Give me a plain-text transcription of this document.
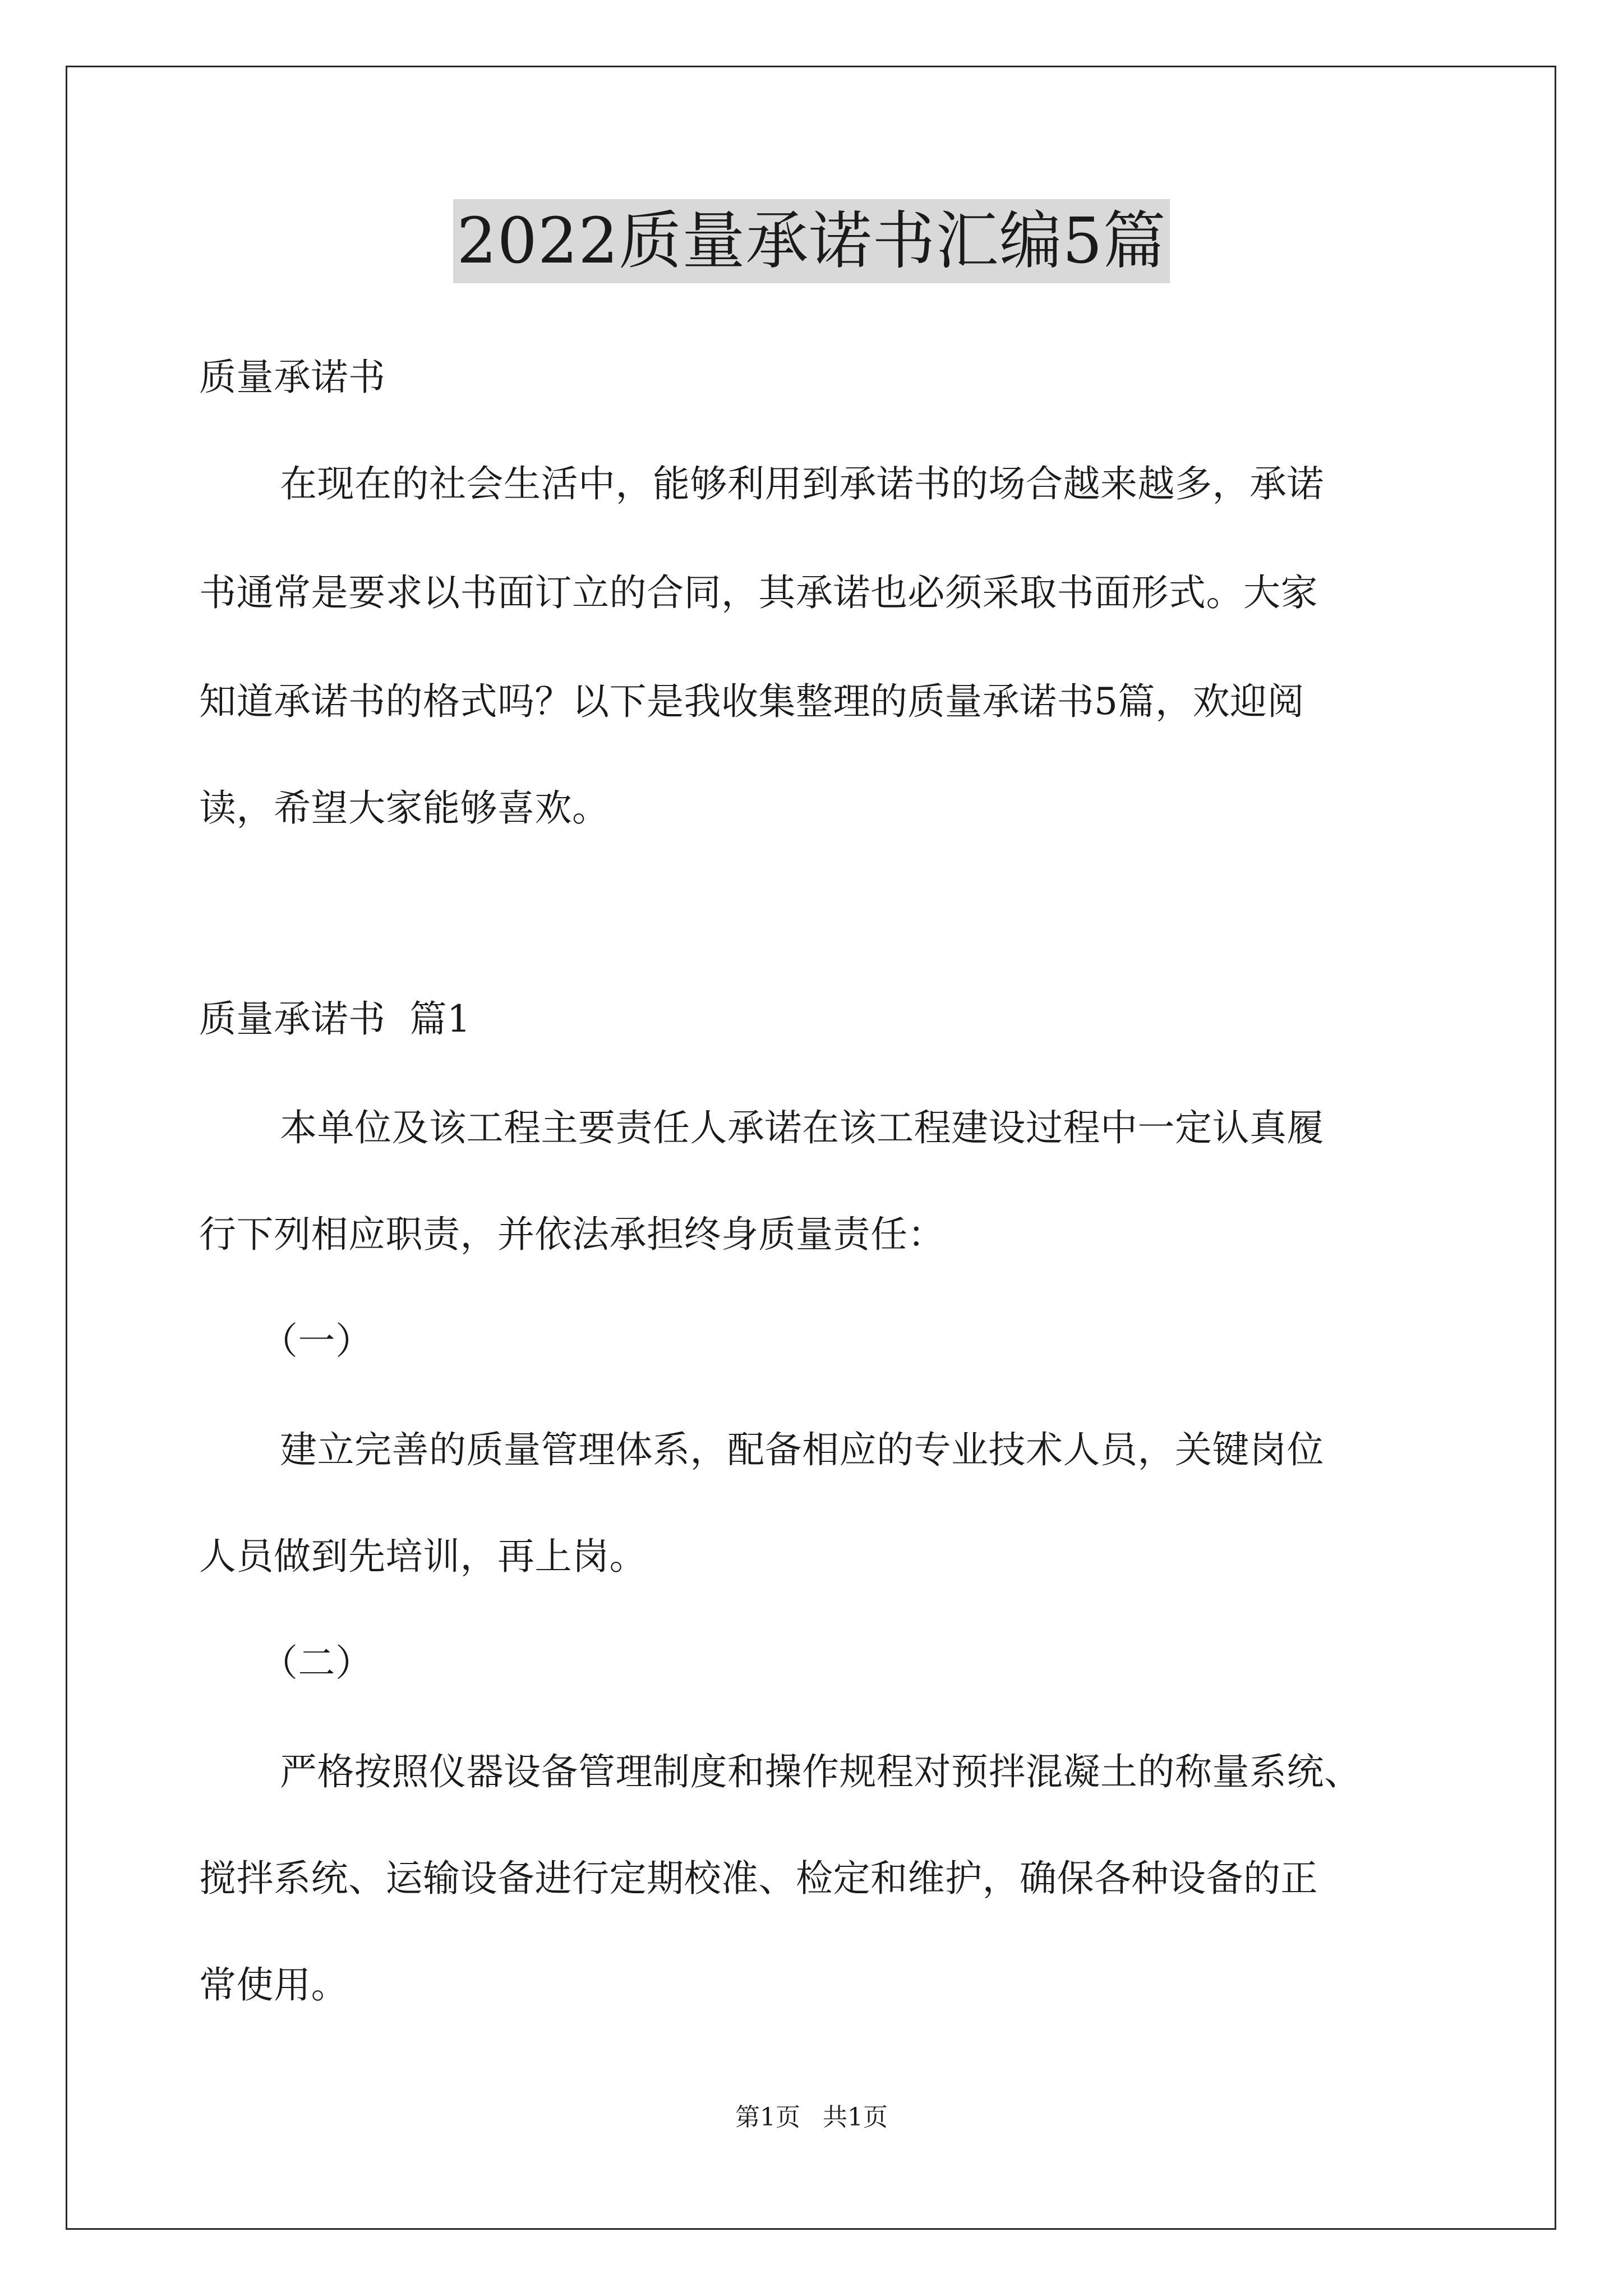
2022质量承诺书汇编5篇
质量承诺书
在现在的社会生活中，能够利用到承诺书的场合越来越多，承诺
书通常是要求以书面订立的合同，其承诺也必须采取书面形式。大家
知道承诺书的格式吗？以下是我收集整理的质量承诺书5篇，欢迎阅
读，希望大家能够喜欢。
质量承诺书  篇1
本单位及该工程主要责任人承诺在该工程建设过程中一定认真履
行下列相应职责，并依法承担终身质量责任：
（一）
建立完善的质量管理体系，配备相应的专业技术人员，关键岗位
人员做到先培训，再上岗。
（二）
严格按照仪器设备管理制度和操作规程对预拌混凝土的称量系统、
搅拌系统、运输设备进行定期校准、检定和维护，确保各种设备的正
常使用。
第1页 共1页
